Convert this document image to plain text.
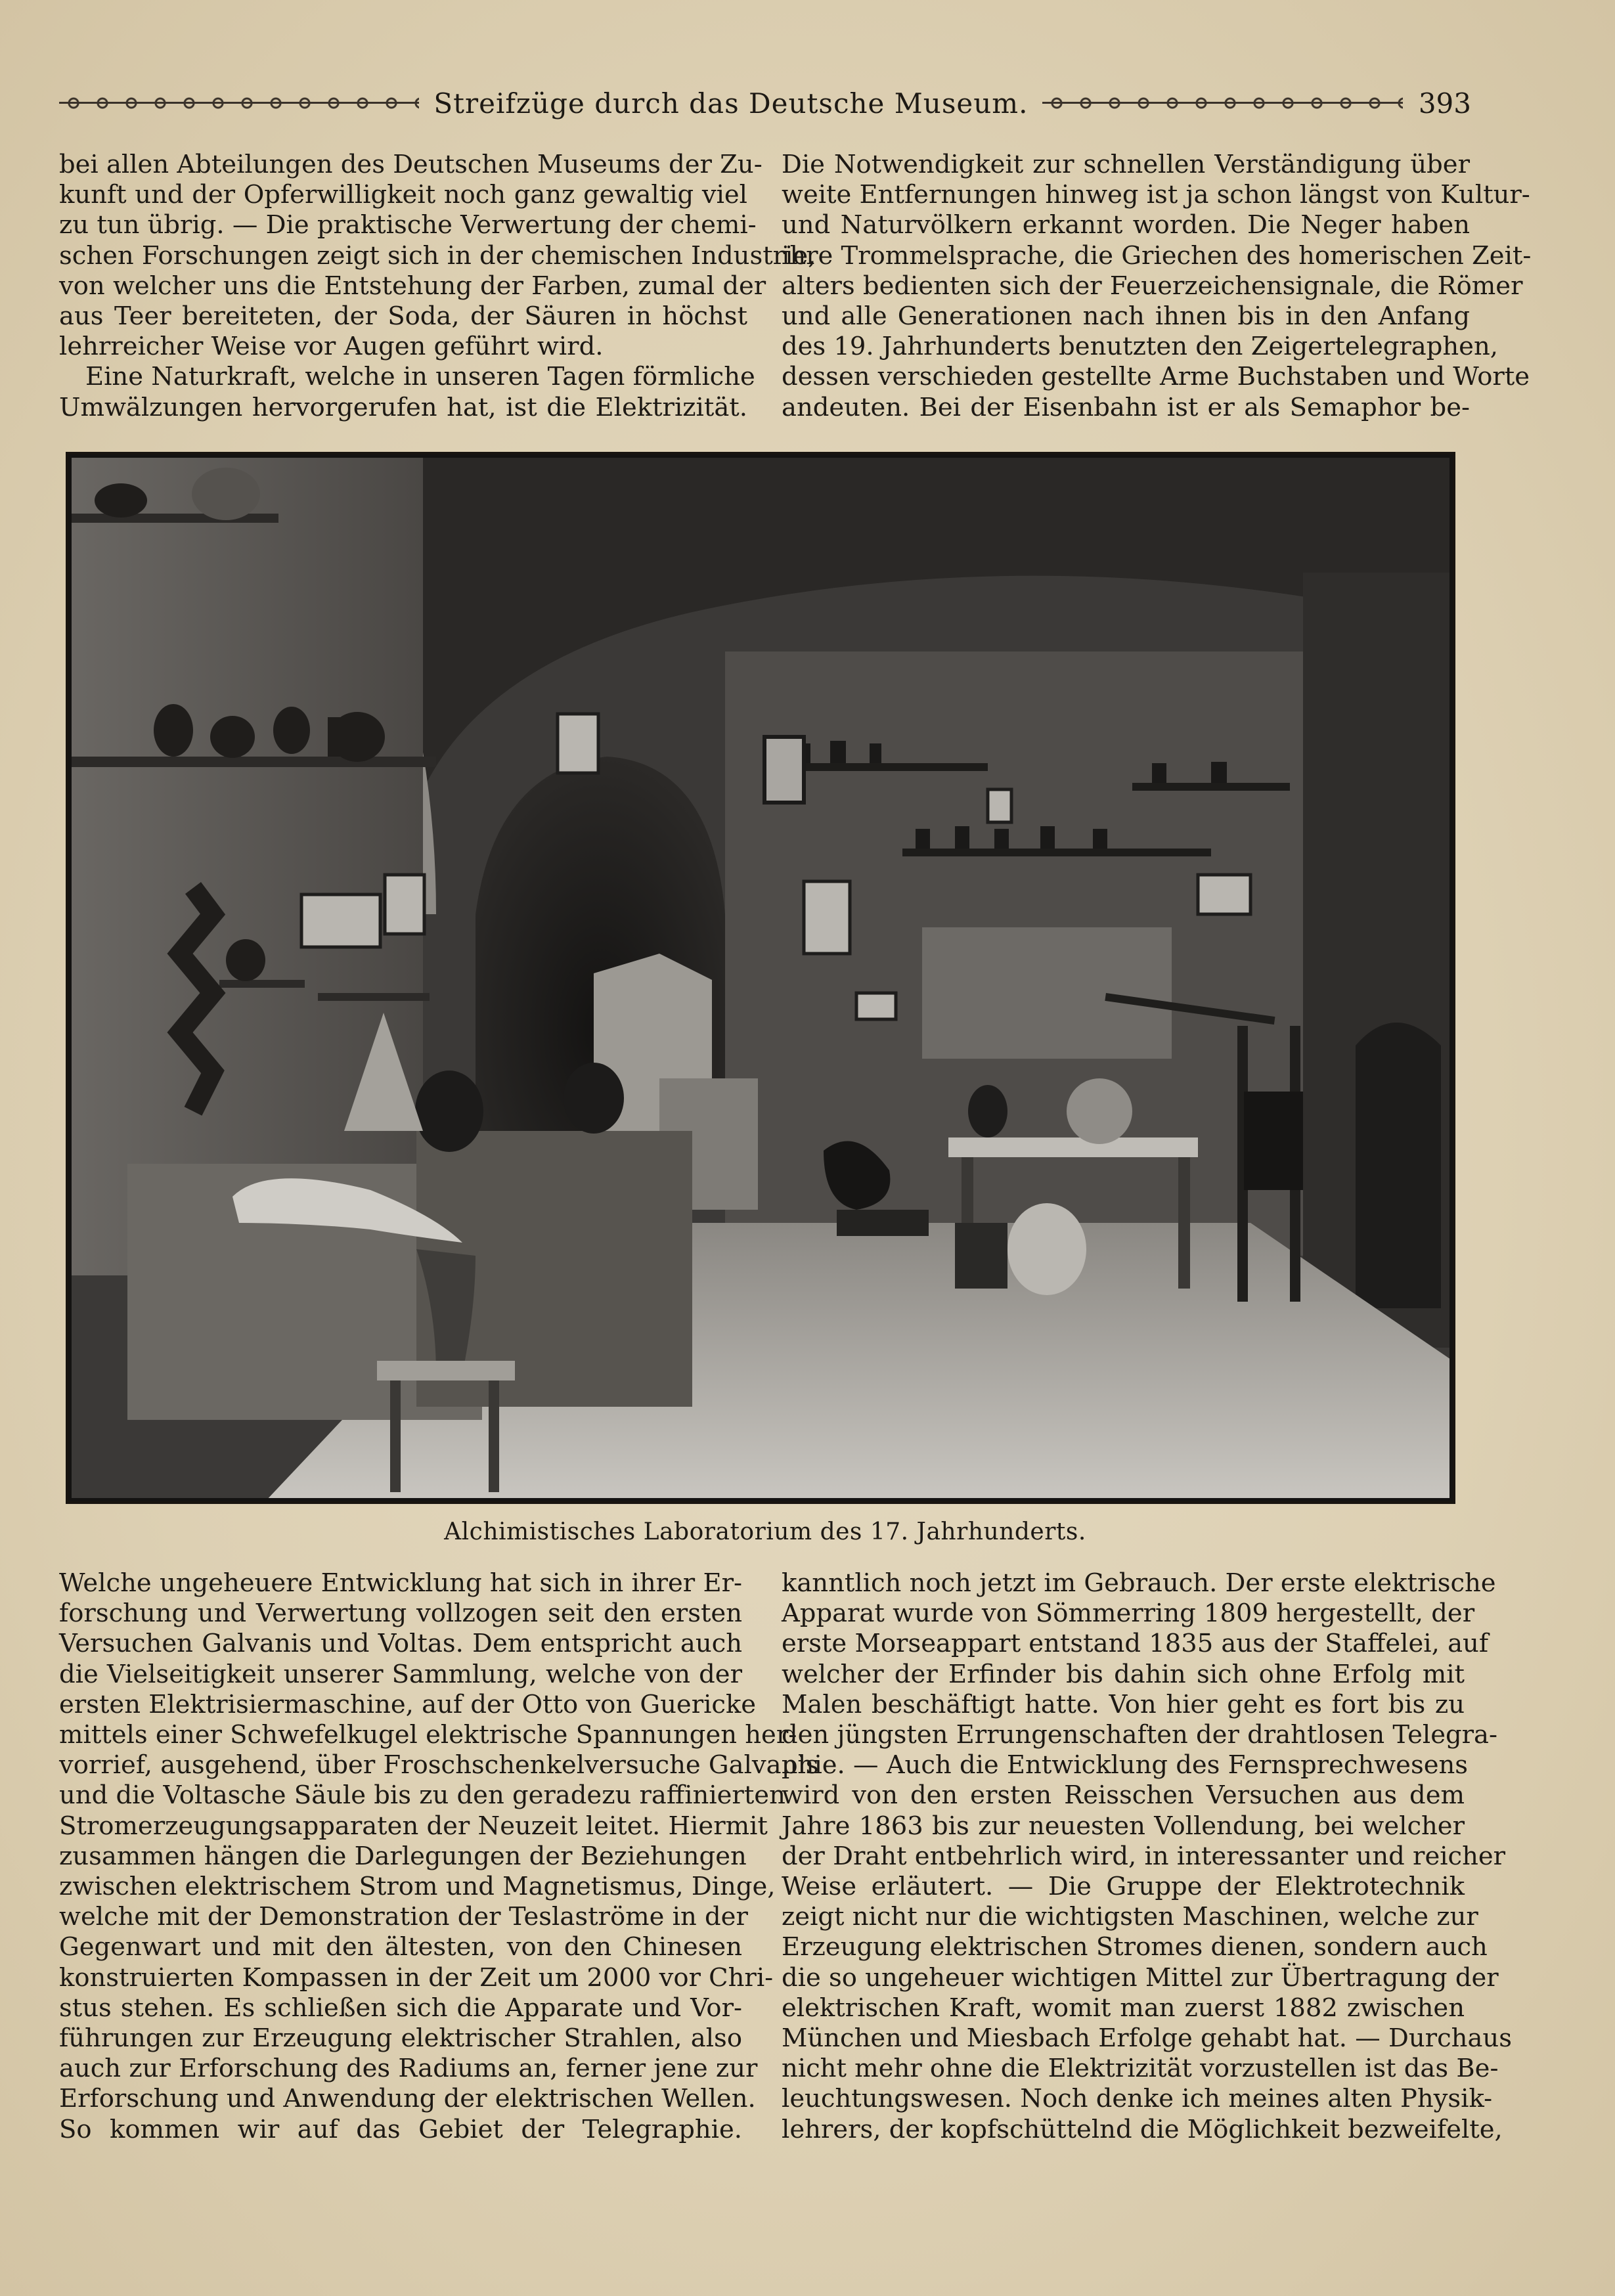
Streifzüge durch das Deutsche Museum.	393
bei allen Abteilungen des Deutschen Museums der Zu-
kunft und der Opferwilligkeit noch ganz gewaltig viel
zu tun übrig. — Die praktische Verwertung der chemi-
schen Forschungen zeigt sich in der chemischen Industrie,
von welcher uns die Entstehung der Farben, zumal der
aus Teer bereiteten, der Soda, der Säuren in höchst
lehrreicher Weise vor Augen geführt wird.
Eine Naturkraft, welche in unseren Tagen förmliche
Umwälzungen hervorgerufen hat, ist die Elektrizität.
Die Notwendigkeit zur schnellen Verständigung über
weite Entfernungen hinweg ist ja schon längst von Kultur-
und Naturvölkern erkannt worden. Die Neger haben
ihre Trommelsprache, die Griechen des homerischen Zeit-
alters bedienten sich der Feuerzeichensignale, die Römer
und alle Generationen nach ihnen bis in den Anfang
des 19. Jahrhunderts benutzten den Zeigertelegraphen,
dessen verschieden gestellte Arme Buchstaben und Worte
andeuten. Bei der Eisenbahn ist er als Semaphor be-
Alchimistisches Laboratorium des 17. Jahrhunderts.
Welche ungeheuere Entwicklung hat sich in ihrer Er-
forschung und Verwertung vollzogen seit den ersten
Versuchen Galvanis und Voltas. Dem entspricht auch
die Vielseitigkeit unserer Sammlung, welche von der
ersten Elektrisiermaschine, auf der Otto von Guericke
mittels einer Schwefelkugel elektrische Spannungen her-
vorrief, ausgehend, über Froschschenkelversuche Galvanis
und die Voltasche Säule bis zu den geradezu raffinierten
Stromerzeugungsapparaten der Neuzeit leitet. Hiermit
zusammen hängen die Darlegungen der Beziehungen
zwischen elektrischem Strom und Magnetismus, Dinge,
welche mit der Demonstration der Teslaströme in der
Gegenwart und mit den ältesten, von den Chinesen
konstruierten Kompassen in der Zeit um 2000 vor Chri-
stus stehen. Es schließen sich die Apparate und Vor-
führungen zur Erzeugung elektrischer Strahlen, also
auch zur Erforschung des Radiums an, ferner jene zur
Erforschung und Anwendung der elektrischen Wellen.
So kommen wir auf das Gebiet der Telegraphie.
kanntlich noch jetzt im Gebrauch. Der erste elektrische
Apparat wurde von Sömmerring 1809 hergestellt, der
erste Morseappart entstand 1835 aus der Staffelei, auf
welcher der Erfinder bis dahin sich ohne Erfolg mit
Malen beschäftigt hatte. Von hier geht es fort bis zu
den jüngsten Errungenschaften der drahtlosen Telegra-
phie. — Auch die Entwicklung des Fernsprechwesens
wird von den ersten Reisschen Versuchen aus dem
Jahre 1863 bis zur neuesten Vollendung, bei welcher
der Draht entbehrlich wird, in interessanter und reicher
Weise erläutert. — Die Gruppe der Elektrotechnik
zeigt nicht nur die wichtigsten Maschinen, welche zur
Erzeugung elektrischen Stromes dienen, sondern auch
die so ungeheuer wichtigen Mittel zur Übertragung der
elektrischen Kraft, womit man zuerst 1882 zwischen
München und Miesbach Erfolge gehabt hat. — Durchaus
nicht mehr ohne die Elektrizität vorzustellen ist das Be-
leuchtungswesen. Noch denke ich meines alten Physik-
lehrers, der kopfschüttelnd die Möglichkeit bezweifelte,
